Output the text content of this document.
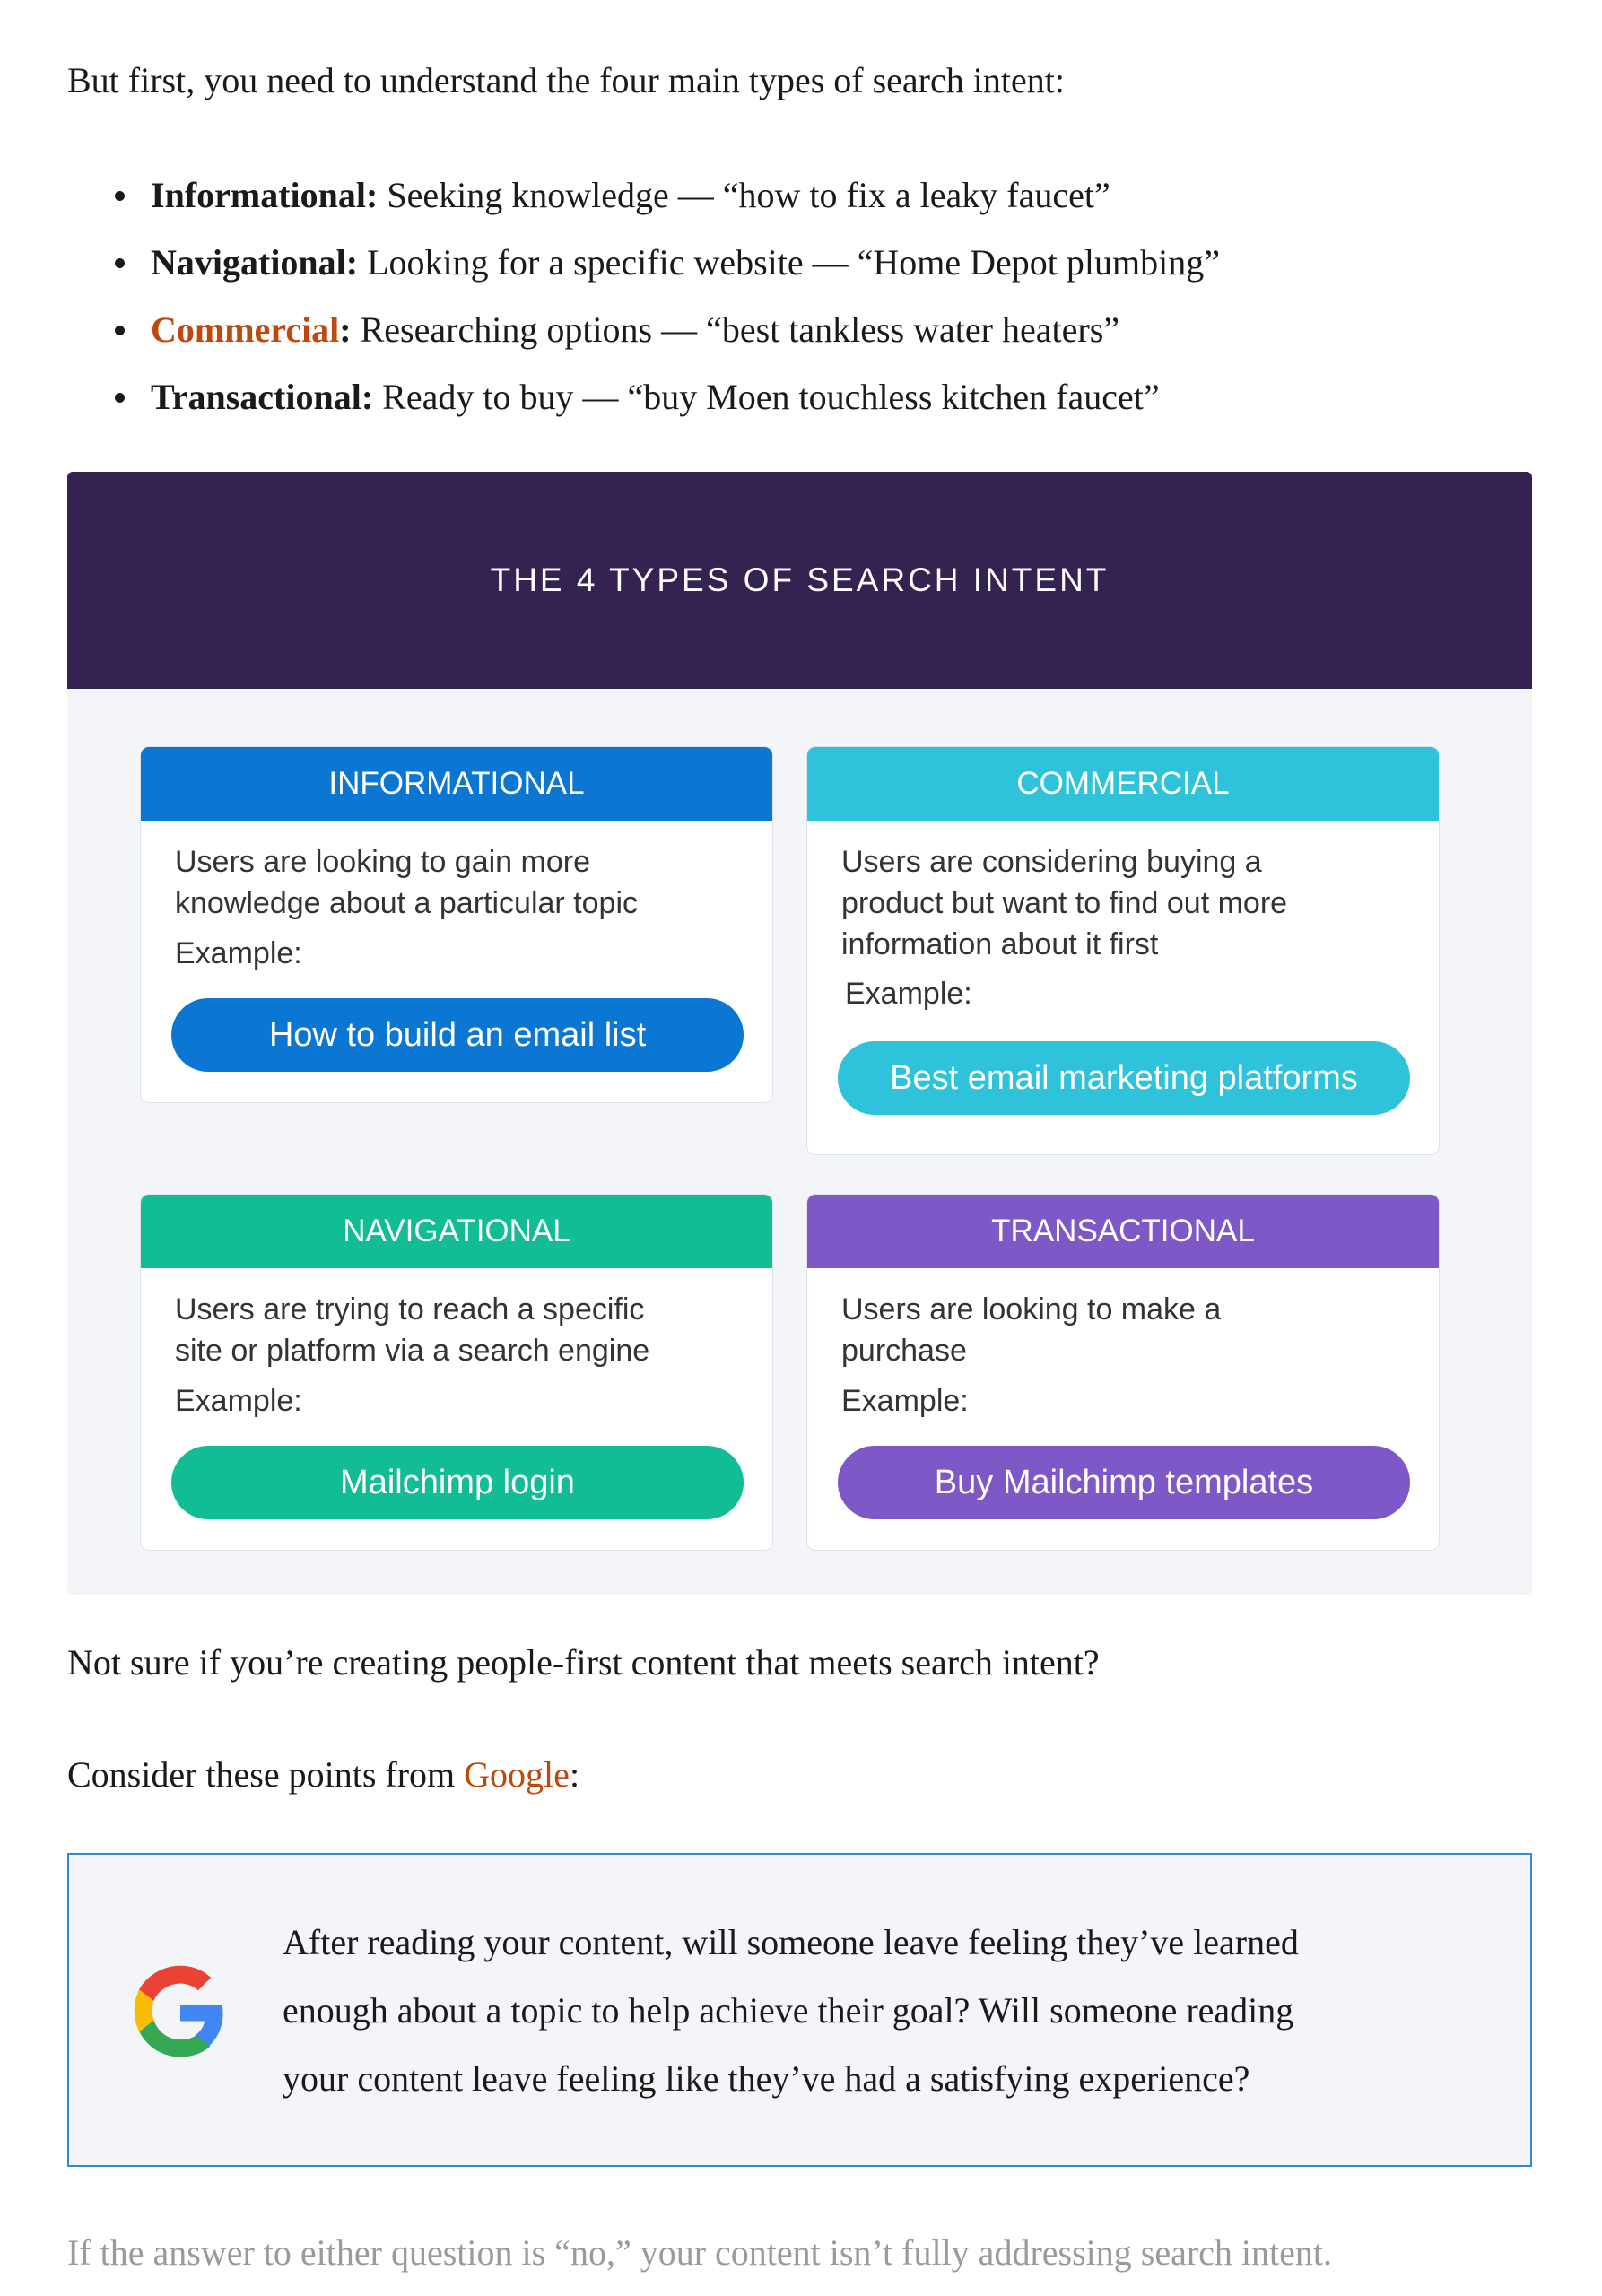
But first, you need to understand the four main types of search intent:

Informational: Seeking knowledge — “how to fix a leaky faucet”
Navigational: Looking for a specific website — “Home Depot plumbing”
Commercial: Researching options — “best tankless water heaters”
Transactional: Ready to buy — “buy Moen touchless kitchen faucet”
THE 4 TYPES OF SEARCH INTENT
INFORMATIONAL
Users are looking to gain more
knowledge about a particular topic
Example:
How to build an email list
COMMERCIAL
Users are considering buying a
product but want to find out more
information about it first
Example:
Best email marketing platforms
NAVIGATIONAL
Users are trying to reach a specific
site or platform via a search engine
Example:
Mailchimp login
TRANSACTIONAL
Users are looking to make a
purchase
Example:
Buy Mailchimp templates

Not sure if you’re creating people-first content that meets search intent?

Consider these points from Google:

After reading your content, will someone leave feeling they’ve learned
enough about a topic to help achieve their goal? Will someone reading
your content leave feeling like they’ve had a satisfying experience?

If the answer to either question is “no,” your content isn’t fully addressing search intent.
